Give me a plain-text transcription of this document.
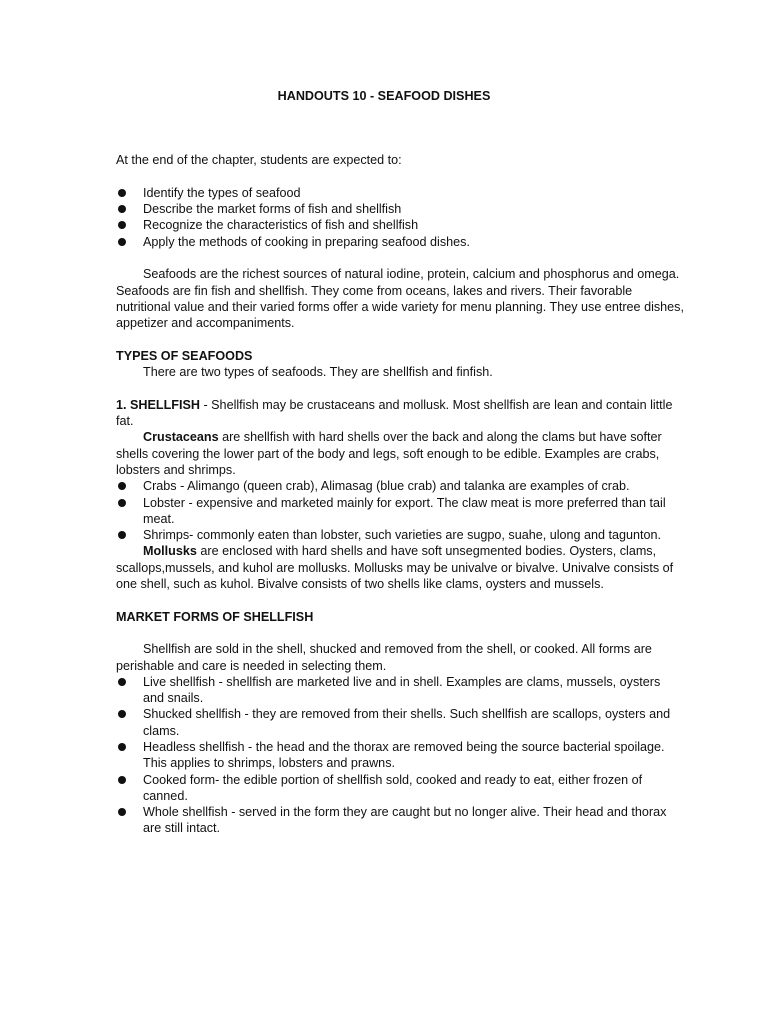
HANDOUTS 10 - SEAFOOD DISHES

At the end of the chapter, students are expected to:

Identify the types of seafood
Describe the market forms of fish and shellfish
Recognize the characteristics of fish and shellfish
Apply the methods of cooking in preparing seafood dishes.

Seafoods are the richest sources of natural iodine, protein, calcium and phosphorus and omega. Seafoods are fin fish and shellfish. They come from oceans, lakes and rivers. Their favorable nutritional value and their varied forms offer a wide variety for menu planning. They use entree dishes, appetizer and accompaniments.

TYPES OF SEAFOODS

There are two types of seafoods. They are shellfish and finfish.

1. SHELLFISH - Shellfish may be crustaceans and mollusk. Most shellfish are lean and contain little fat.

Crustaceans are shellfish with hard shells over the back and along the clams but have softer shells covering the lower part of the body and legs, soft enough to be edible. Examples are crabs, lobsters and shrimps.

Crabs - Alimango (queen crab), Alimasag (blue crab) and talanka are examples of crab.
Lobster - expensive and marketed mainly for export. The claw meat is more preferred than tail meat.
Shrimps- commonly eaten than lobster, such varieties are sugpo, suahe, ulong and tagunton.

Mollusks are enclosed with hard shells and have soft unsegmented bodies. Oysters, clams, scallops,mussels, and kuhol are mollusks. Mollusks may be univalve or bivalve. Univalve consists of one shell, such as kuhol. Bivalve consists of two shells like clams, oysters and mussels.

MARKET FORMS OF SHELLFISH

Shellfish are sold in the shell, shucked and removed from the shell, or cooked. All forms are perishable and care is needed in selecting them.

Live shellfish - shellfish are marketed live and in shell. Examples are clams, mussels, oysters and snails.
Shucked shellfish - they are removed from their shells. Such shellfish are scallops, oysters and clams.
Headless shellfish - the head and the thorax are removed being the source bacterial spoilage. This applies to shrimps, lobsters and prawns.
Cooked form- the edible portion of shellfish sold, cooked and ready to eat, either frozen of canned.
Whole shellfish - served in the form they are caught but no longer alive. Their head and thorax are still intact.
